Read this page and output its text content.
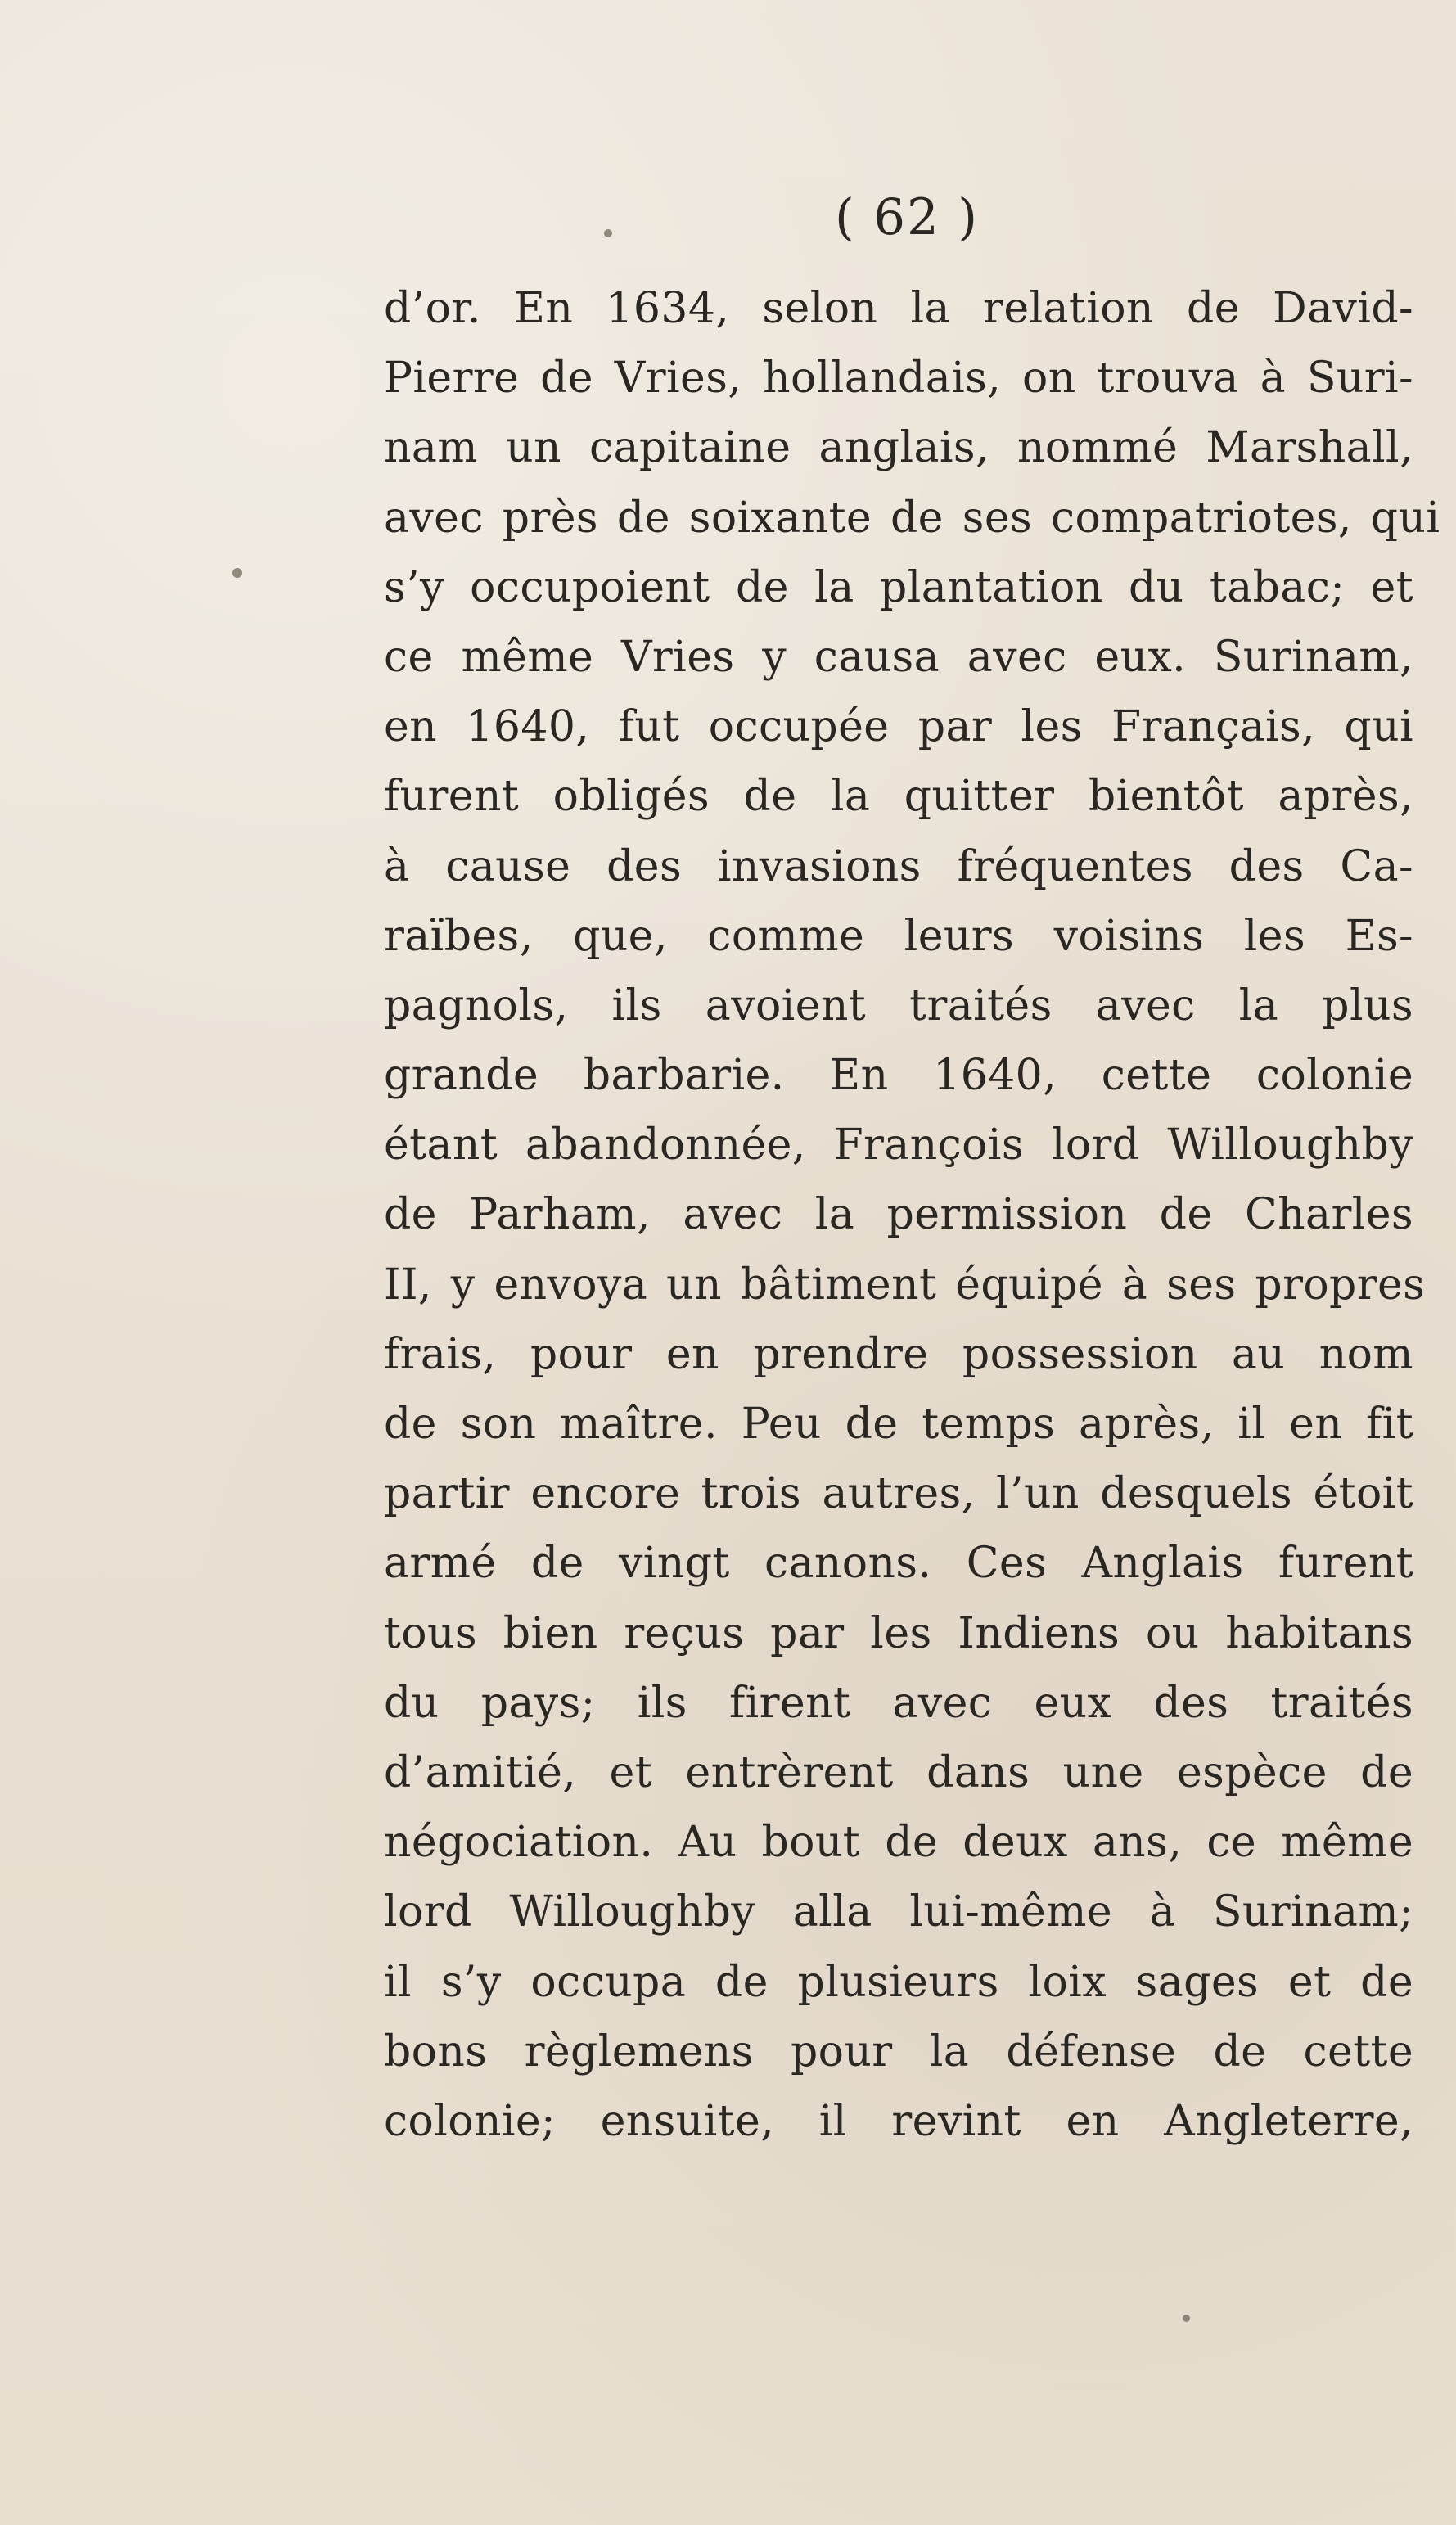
( 62 )
d’or. En 1634, selon la relation de David-
Pierre de Vries, hollandais, on trouva à Suri-
nam un capitaine anglais, nommé Marshall,
avec près de soixante de ses compatriotes, qui
s’y occupoient de la plantation du tabac; et
ce même Vries y causa avec eux. Surinam,
en 1640, fut occupée par les Français, qui
furent obligés de la quitter bientôt après,
à cause des invasions fréquentes des Ca-
raïbes, que, comme leurs voisins les Es-
pagnols, ils avoient traités avec la plus
grande barbarie. En 1640, cette colonie
étant abandonnée, François lord Willoughby
de Parham, avec la permission de Charles
II, y envoya un bâtiment équipé à ses propres
frais, pour en prendre possession au nom
de son maître. Peu de temps après, il en fit
partir encore trois autres, l’un desquels étoit
armé de vingt canons. Ces Anglais furent
tous bien reçus par les Indiens ou habitans
du pays; ils firent avec eux des traités
d’amitié, et entrèrent dans une espèce de
négociation. Au bout de deux ans, ce même
lord Willoughby alla lui-même à Surinam;
il s’y occupa de plusieurs loix sages et de
bons règlemens pour la défense de cette
colonie; ensuite, il revint en Angleterre,
